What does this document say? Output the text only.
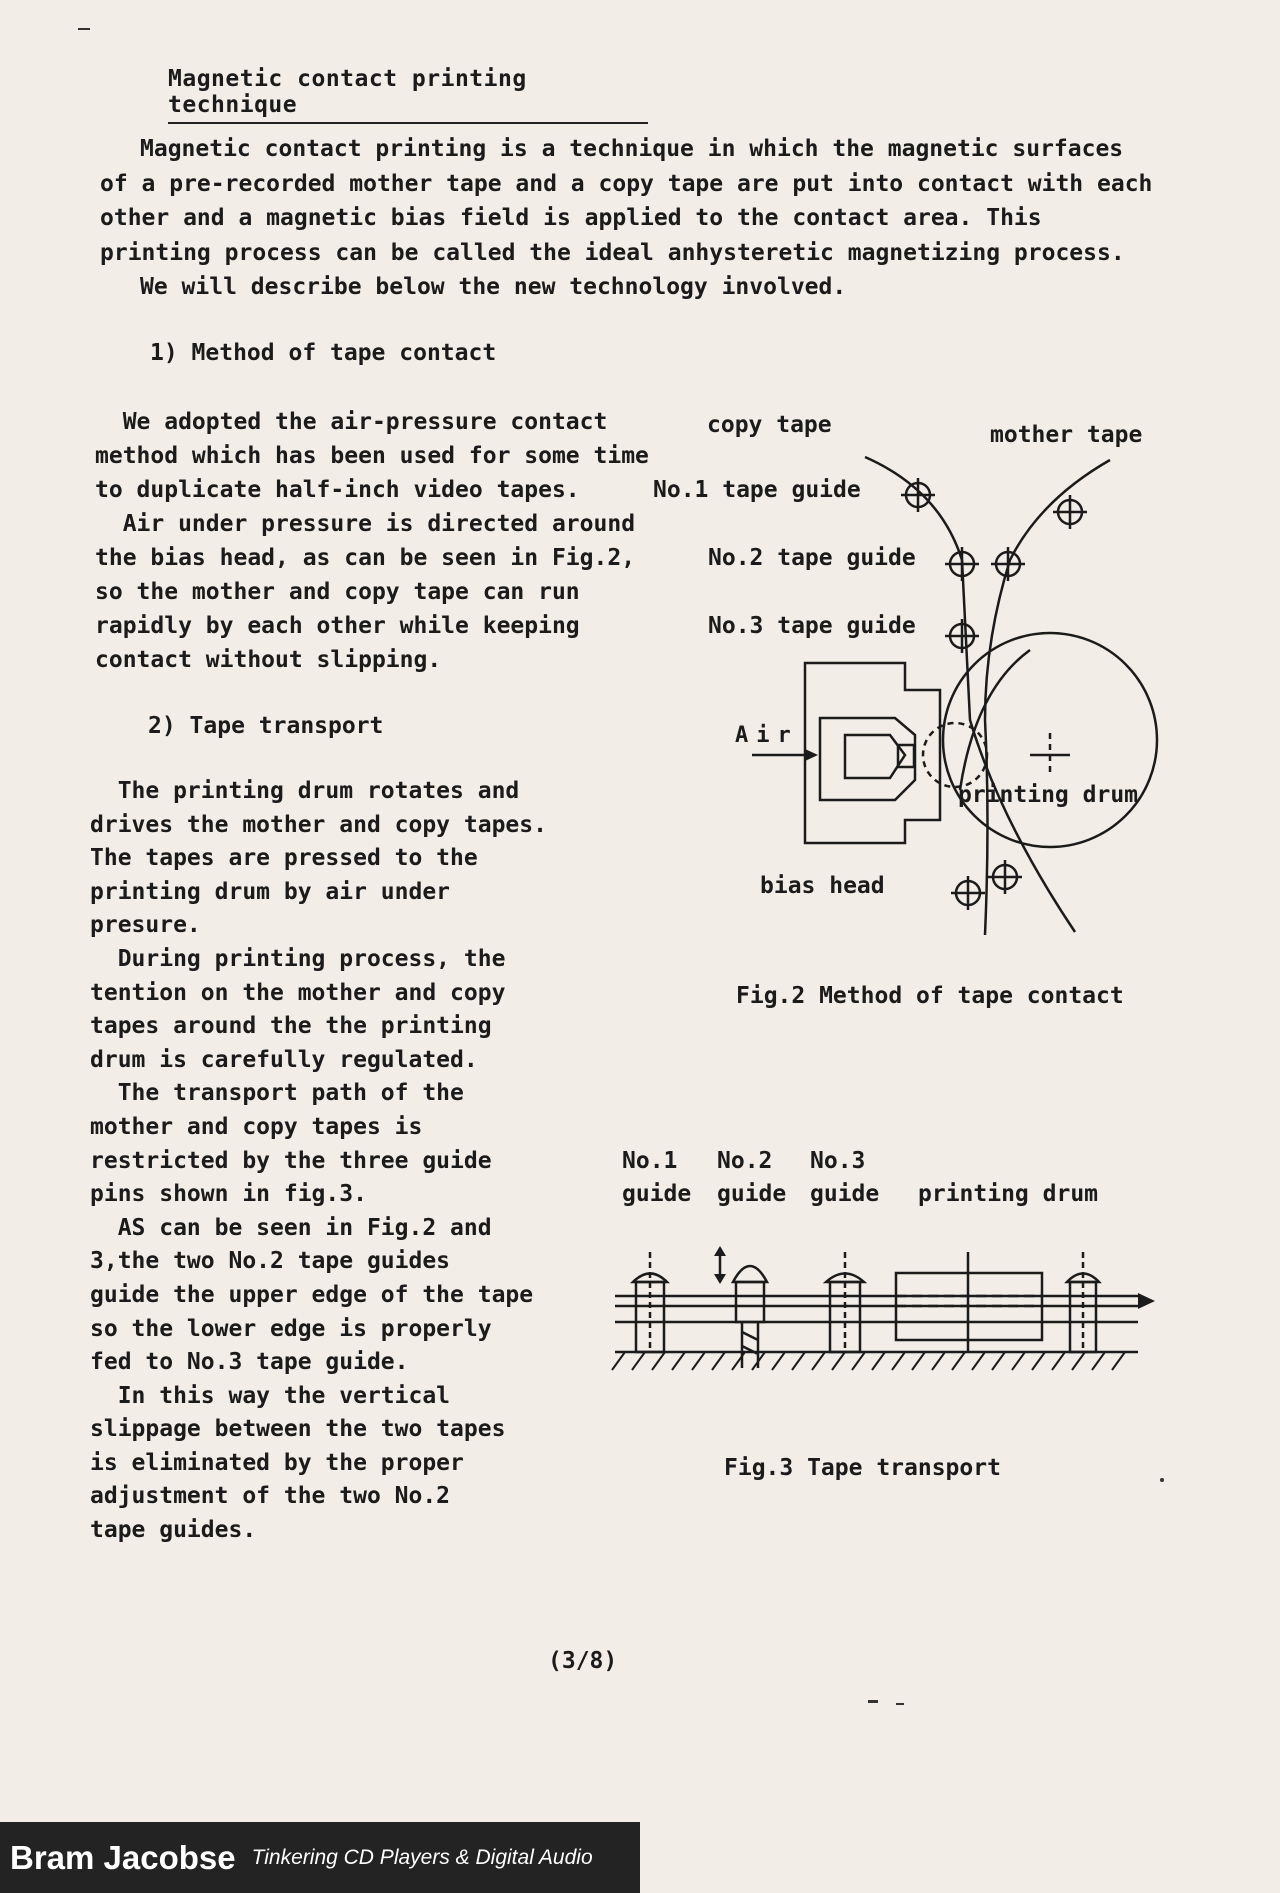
Magnetic contact printing technique

Magnetic contact printing is a technique in which the magnetic surfaces of a pre-recorded mother tape and a copy tape are put into contact with each other and a magnetic bias field is applied to the contact area. This printing process can be called the ideal anhysteretic magnetizing process.

We will describe below the new technology involved.

1) Method of tape contact
We adopted the air-pressure contact
method which has been used for some time
to duplicate half-inch video tapes.
Air under pressure is directed around
the bias head, as can be seen in Fig.2,
so the mother and copy tape can run
rapidly by each other while keeping
contact without slipping.
2) Tape transport
The printing drum rotates and
drives the mother and copy tapes.
The tapes are pressed to the
printing drum by air under
presure.
During printing process, the
tention on the mother and copy
tapes around the the printing
drum is carefully regulated.
The transport path of the
mother and copy tapes is
restricted by the three guide
pins shown in fig.3.
AS can be seen in Fig.2 and
3,the two No.2 tape guides
guide the upper edge of the tape
so the lower edge is properly
fed to No.3 tape guide.
In this way the vertical
slippage between the two tapes
is eliminated by the proper
adjustment of the two No.2
tape guides.
copy tape	mother tape
No.1 tape guide
No.2 tape guide
No.3 tape guide
Air
printing drum
bias head
Fig.2 Method of tape contact
No.1 No.2 No.3
guide guide guide printing drum
Fig.3 Tape transport
(3/8)
Bram Jacobse Tinkering CD Players & Digital Audio
